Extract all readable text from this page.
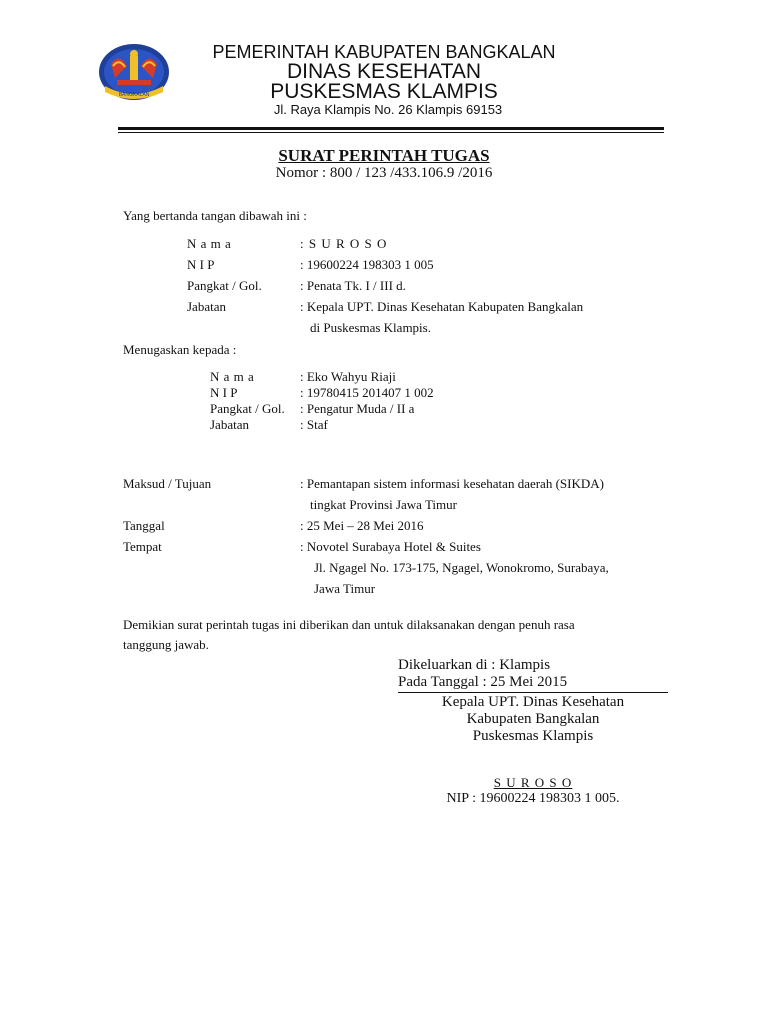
BANGKALAN
PEMERINTAH KABUPATEN BANGKALAN
DINAS KESEHATAN
PUSKESMAS KLAMPIS
Jl. Raya Klampis No. 26 Klampis 69153
SURAT PERINTAH TUGAS
Nomor : 800 / 123 /433.106.9 /2016
Yang bertanda tangan dibawah ini :
N a m a	: S U R O S O
N I P	: 19600224 198303 1 005
Pangkat / Gol.	: Penata Tk. I / III d.
Jabatan	: Kepala UPT. Dinas Kesehatan Kabupaten Bangkalan
di Puskesmas Klampis.
Menugaskan kepada :
N a m a	: Eko Wahyu Riaji
N I P	: 19780415 201407 1 002
Pangkat / Gol. : Pengatur Muda / II a
Jabatan	: Staf
Maksud / Tujuan	: Pemantapan sistem informasi kesehatan daerah (SIKDA)
tingkat Provinsi Jawa Timur
Tanggal	: 25 Mei – 28 Mei 2016
Tempat	: Novotel Surabaya Hotel & Suites
Jl. Ngagel No. 173-175, Ngagel, Wonokromo, Surabaya,
Jawa Timur
Demikian surat perintah tugas ini diberikan dan untuk dilaksanakan dengan penuh rasa
tanggung jawab.
Dikeluarkan di : Klampis
Pada Tanggal : 25 Mei 2015
Kepala UPT. Dinas Kesehatan
Kabupaten Bangkalan
Puskesmas Klampis
S U R O S O
NIP : 19600224 198303 1 005.
